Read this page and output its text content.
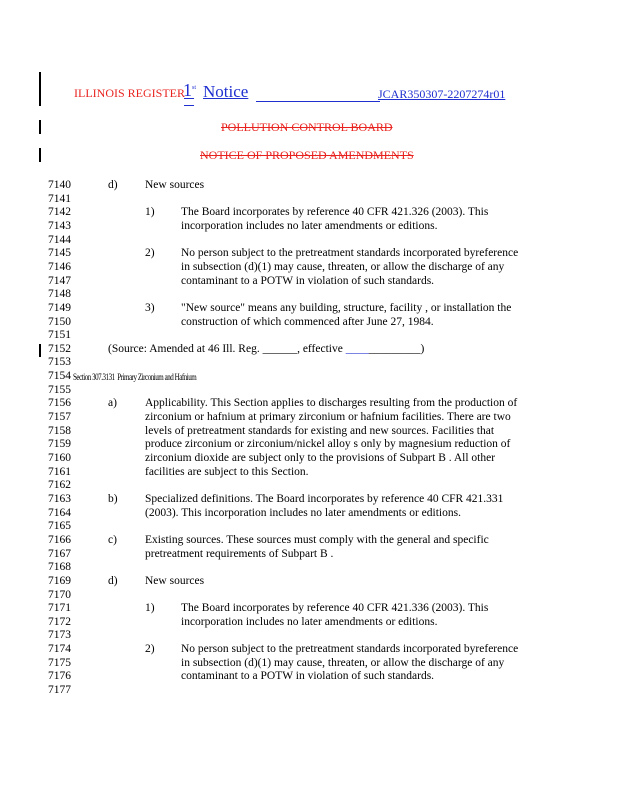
ILLINOIS REGISTER
1st Notice	JCAR350307-2207274r01
POLLUTION CONTROL BOARD
NOTICE OF PROPOSED AMENDMENTS
7140	d) New sources
7141
7142	1) The Board incorporates by reference 40 CFR 421.326 (2003). This
7143	incorporation includes no later amendments or editions.
7144
7145	2) No person subject to the pretreatment standards incorporated byreference
7146	in subsection (d)(1) may cause, threaten, or allow the discharge of any
7147	contaminant to a POTW in violation of such standards.
7148
7149	3) "New source" means any building, structure, facility , or installation the
7150	construction of which commenced after June 27, 1984.
7151
7152
7153
7154
7155
7156	a) Applicability. This Section applies to discharges resulting from the production of
7157	zirconium or hafnium at primary zirconium or hafnium facilities. There are two
7158	levels of pretreatment standards for existing and new sources. Facilities that
7159	produce zirconium or zirconium/nickel alloy s only by magnesium reduction of
7160	zirconium dioxide are subject only to the provisions of Subpart B . All other
7161	facilities are subject to this Section.
7162
7163	b) Specialized definitions. The Board incorporates by reference 40 CFR 421.331
7164	(2003). This incorporation includes no later amendments or editions.
7165
7166	c) Existing sources. These sources must comply with the general and specific
7167	pretreatment requirements of Subpart B .
7168
7169	d) New sources
7170
7171	1) The Board incorporates by reference 40 CFR 421.336 (2003). This
7172	incorporation includes no later amendments or editions.
7173
7174	2) No person subject to the pretreatment standards incorporated byreference
7175	in subsection (d)(1) may cause, threaten, or allow the discharge of any
7176	contaminant to a POTW in violation of such standards.
7177
(Source: Amended at 46 Ill. Reg. ______, effective _____________)
Section 307.3131 Primary Zirconium and Hafnium
